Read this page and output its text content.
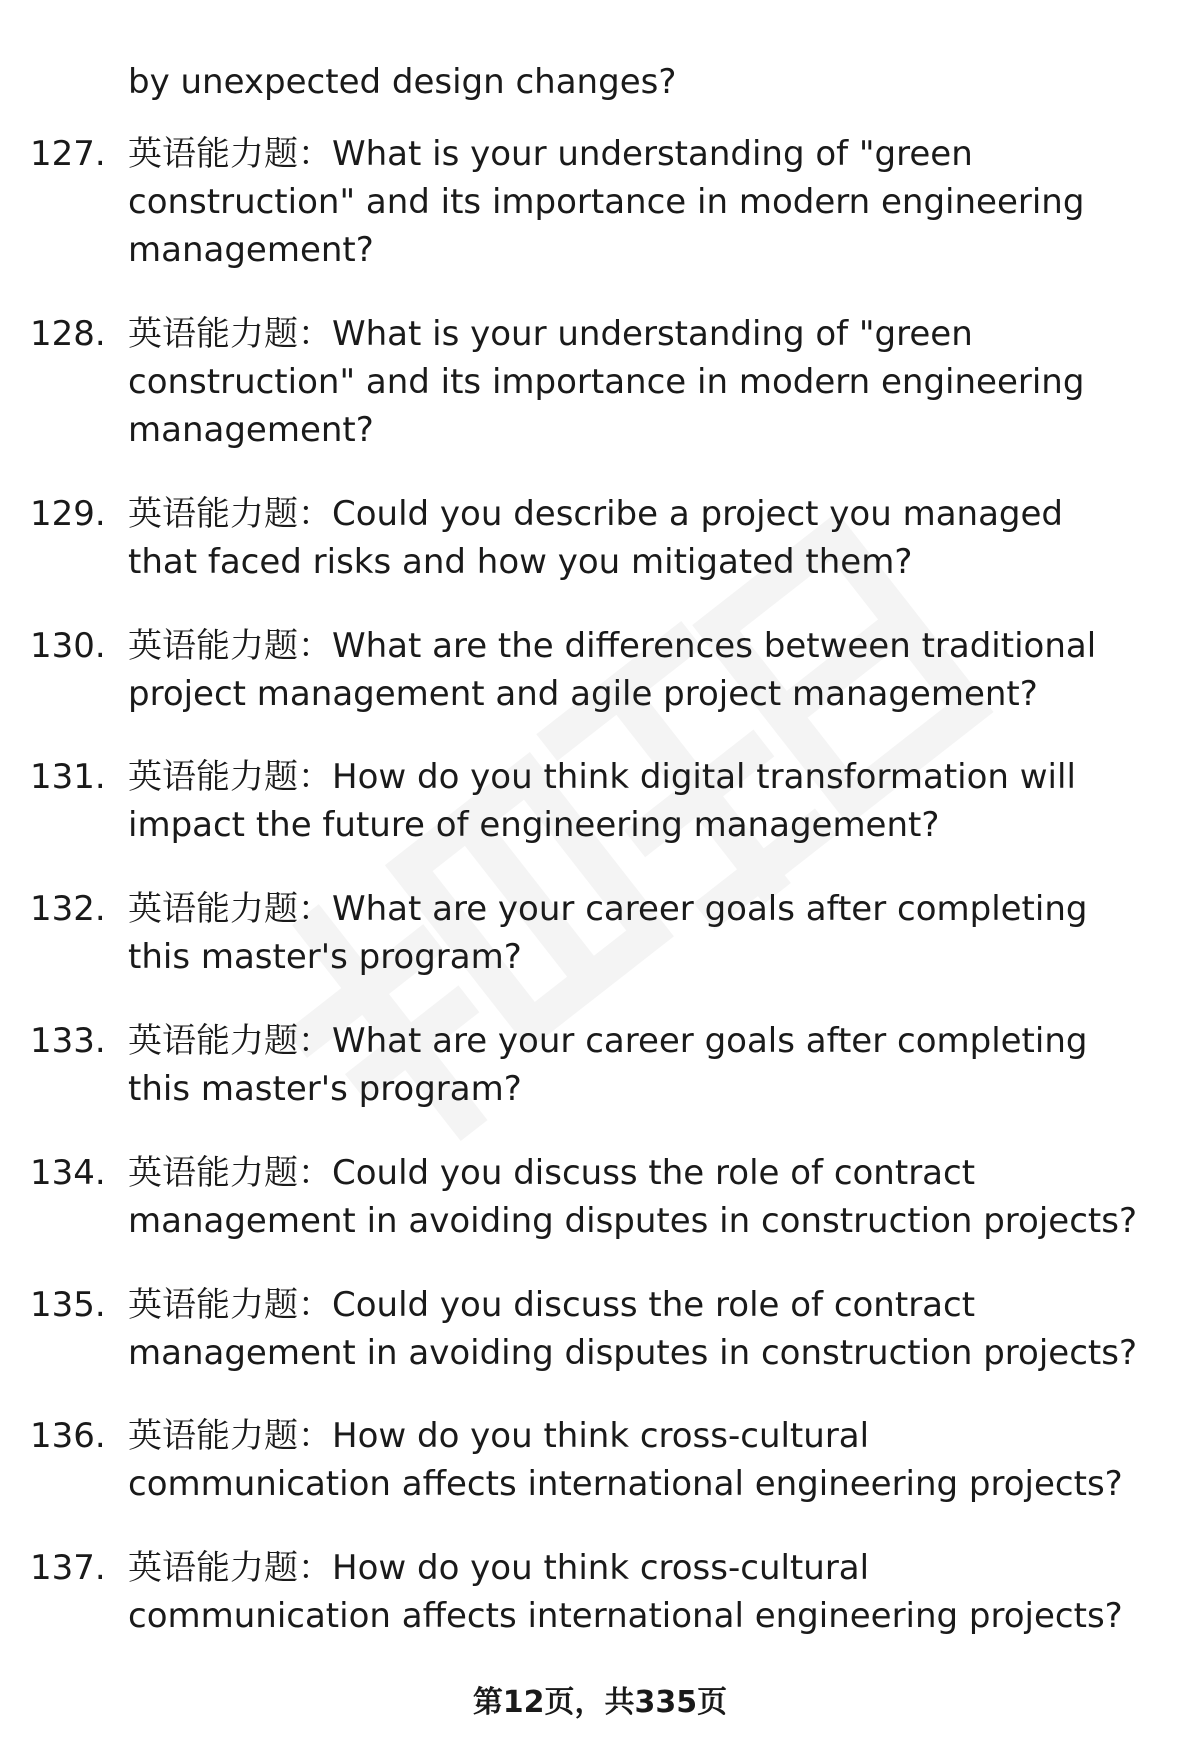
by unexpected design changes?
127. 英语能力题：What is your understanding of "green
construction" and its importance in modern engineering
management?
128. 英语能力题：What is your understanding of "green
construction" and its importance in modern engineering
management?
129. 英语能力题：Could you describe a project you managed
that faced risks and how you mitigated them?
130. 英语能力题：What are the differences between traditional
project management and agile project management?
131. 英语能力题：How do you think digital transformation will
impact the future of engineering management?
132. 英语能力题：What are your career goals after completing
this master's program?
133. 英语能力题：What are your career goals after completing
this master's program?
134. 英语能力题：Could you discuss the role of contract
management in avoiding disputes in construction projects?
135. 英语能力题：Could you discuss the role of contract
management in avoiding disputes in construction projects?
136. 英语能力题：How do you think cross-cultural
communication affects international engineering projects?
137. 英语能力题：How do you think cross-cultural
communication affects international engineering projects?
第12页，共335页
